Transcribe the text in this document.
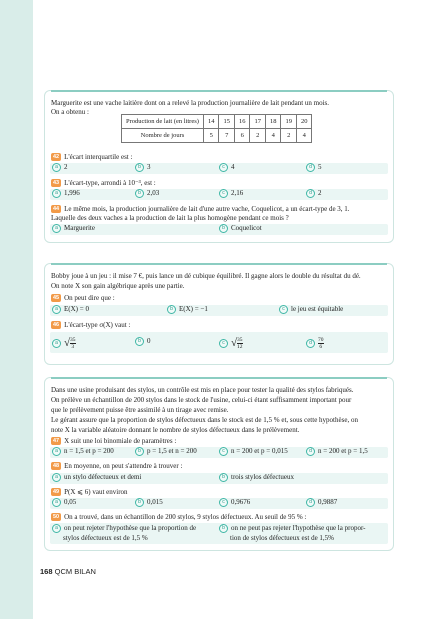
Marguerite est une vache laitière dont on a relevé la production journalière de lait pendant un mois.
On a obtenu :
Production de lait (en litres)	14	15	16	17	18	19	20
Nombre de jours	5	7	6	2	4	2	4
42 L'écart interquartile est :
a 2	b 3	c 4	d 5
43 L'écart-type, arrondi à 10⁻³, est :
a 1,996	b 2,03	c 2,16	d 2
44 Le même mois, la production journalière de lait d'une autre vache, Coquelicot, a un écart-type de 3, 1.
Laquelle des deux vaches a la production de lait la plus homogène pendant ce mois ?
a Marguerite	b Coquelicot
Bobby joue à un jeu : il mise 7 €, puis lance un dé cubique équilibré. Il gagne alors le double du résultat du dé.
On note X son gain algébrique après une partie.
45 On peut dire que :
a E(X) = 0	b E(X) = −1	c le jeu est équitable
46 L'écart-type σ(X) vaut :
a √ $\frac{35}{3}$	b 0	c √ $\frac{35}{12}$	d $\frac{70}{6}$
Dans une usine produisant des stylos, un contrôle est mis en place pour tester la qualité des stylos fabriqués.
On prélève un échantillon de 200 stylos dans le stock de l'usine, celui-ci étant suffisamment important pour
que le prélèvement puisse être assimilé à un tirage avec remise.
Le gérant assure que la proportion de stylos défectueux dans le stock est de 1,5 % et, sous cette hypothèse, on
note X la variable aléatoire donnant le nombre de stylos défectueux dans le prélèvement.
47 X suit une loi binomiale de paramètres :
a n = 1,5 et p = 200	b p = 1,5 et n = 200	c n = 200 et p = 0,015	d n = 200 et p = 1,5
48 En moyenne, on peut s'attendre à trouver :
a un stylo défectueux et demi	b trois stylos défectueux
49 P(X ⩽ 6) vaut environ
a 0,05	b 0,015	c 0,9676	d 0,9887
50 On a trouvé, dans un échantillon de 200 stylos, 9 stylos défectueux. Au seuil de 95 % :
a on peut rejeter l'hypothèse que la proportion de
stylos défectueux est de 1,5 %
b on ne peut pas rejeter l'hypothèse que la propor-
tion de stylos défectueux est de 1,5%
168 QCM BILAN
